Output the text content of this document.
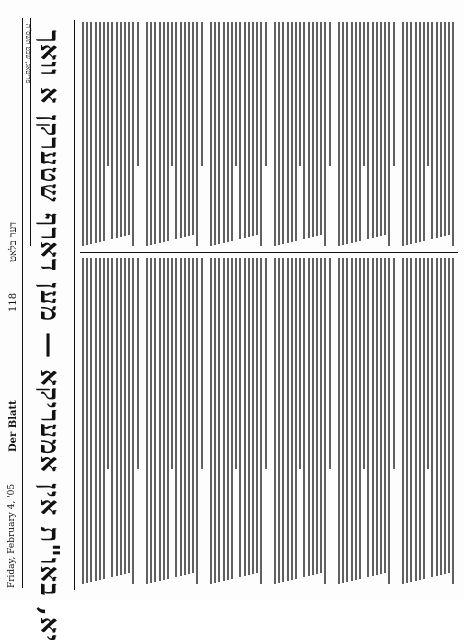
Friday, February 4, '05
Der Blatt
118
דער בלאט
פריטאג, שבט תשס"ה יא, באו"ת אין אמעריקא — מען דארף שטערקן א וואך
